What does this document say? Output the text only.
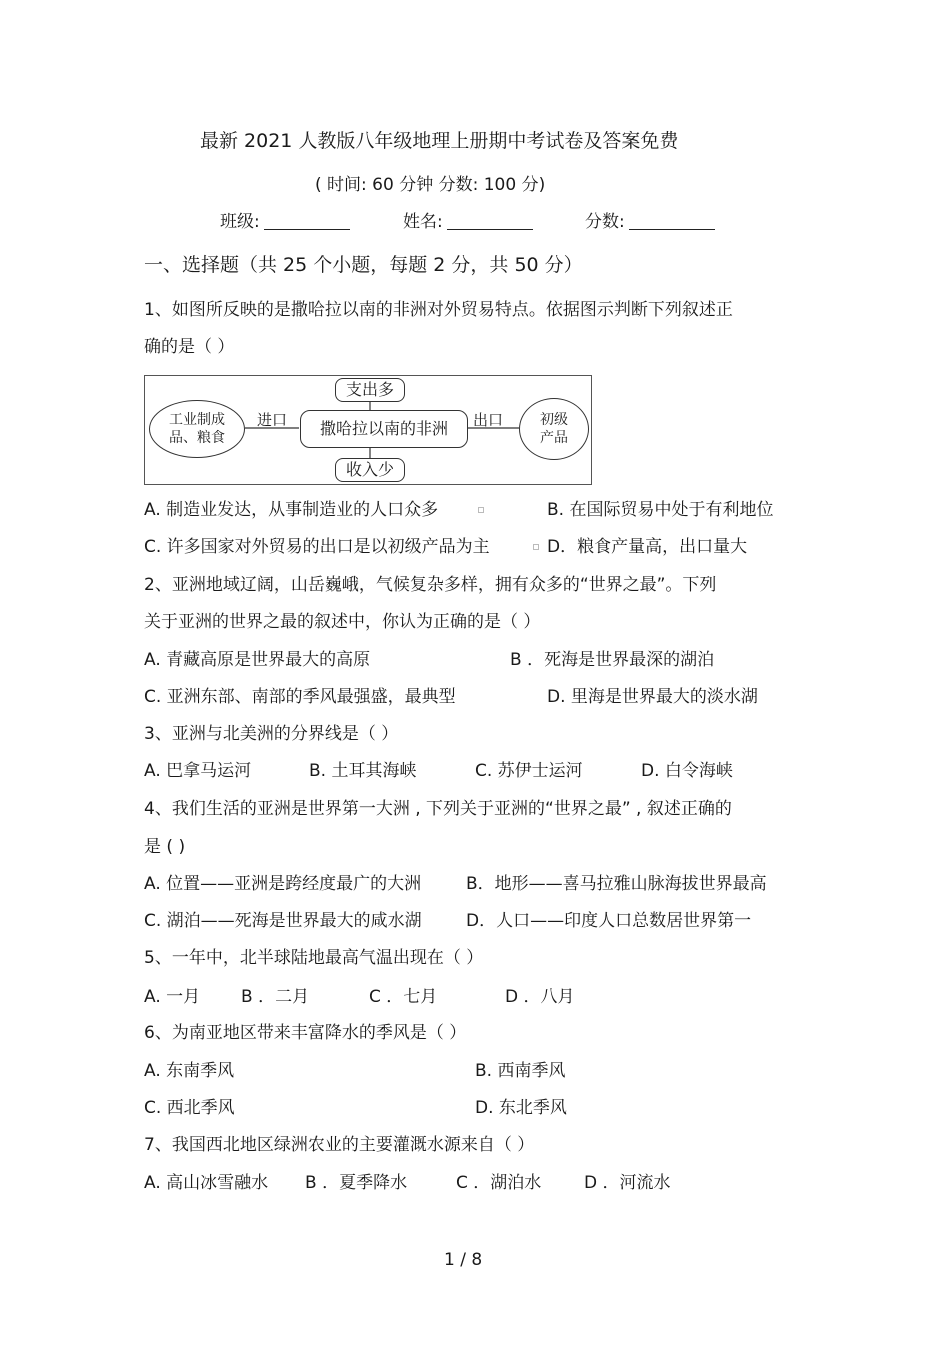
最新 2021 人教版八年级地理上册期中考试卷及答案免费
( 时间: 60 分钟 分数: 100 分)
班级:	姓名:	分数:
一、选择题（共 25 个小题，每题 2 分，共 50 分）
1、如图所反映的是撒哈拉以南的非洲对外贸易特点。依据图示判断下列叙述正
确的是（ ）
支出多
撒哈拉以南的非洲
收入少
工业制成
品、粮食
初级
产品
进口	出口
A. 制造业发达，从事制造业的人口众多	B. 在国际贸易中处于有利地位
C. 许多国家对外贸易的出口是以初级产品为主	D．粮食产量高，出口量大
2、亚洲地域辽阔，山岳巍峨，气候复杂多样，拥有众多的“世界之最”。下列
关于亚洲的世界之最的叙述中，你认为正确的是（ ）
A. 青藏高原是世界最大的高原	B ．死海是世界最深的湖泊
C. 亚洲东部、南部的季风最强盛，最典型	D. 里海是世界最大的淡水湖
3、亚洲与北美洲的分界线是（ ）
A. 巴拿马运河	B. 土耳其海峡	C. 苏伊士运河	D. 白令海峡
4、我们生活的亚洲是世界第一大洲 , 下列关于亚洲的“世界之最” , 叙述正确的
是 ( )
A. 位置——亚洲是跨经度最广的大洲	B．地形——喜马拉雅山脉海拔世界最高
C. 湖泊——死海是世界最大的咸水湖	D．人口——印度人口总数居世界第一
5、一年中，北半球陆地最高气温出现在（ ）
A. 一月 B ．二月	C ．七月	D ．八月
6、为南亚地区带来丰富降水的季风是（ ）
A. 东南季风	B. 西南季风
C. 西北季风	D. 东北季风
7、我国西北地区绿洲农业的主要灌溉水源来自（ ）
A. 高山冰雪融水 B ．夏季降水	C ．湖泊水	D ．河流水
1 / 8
